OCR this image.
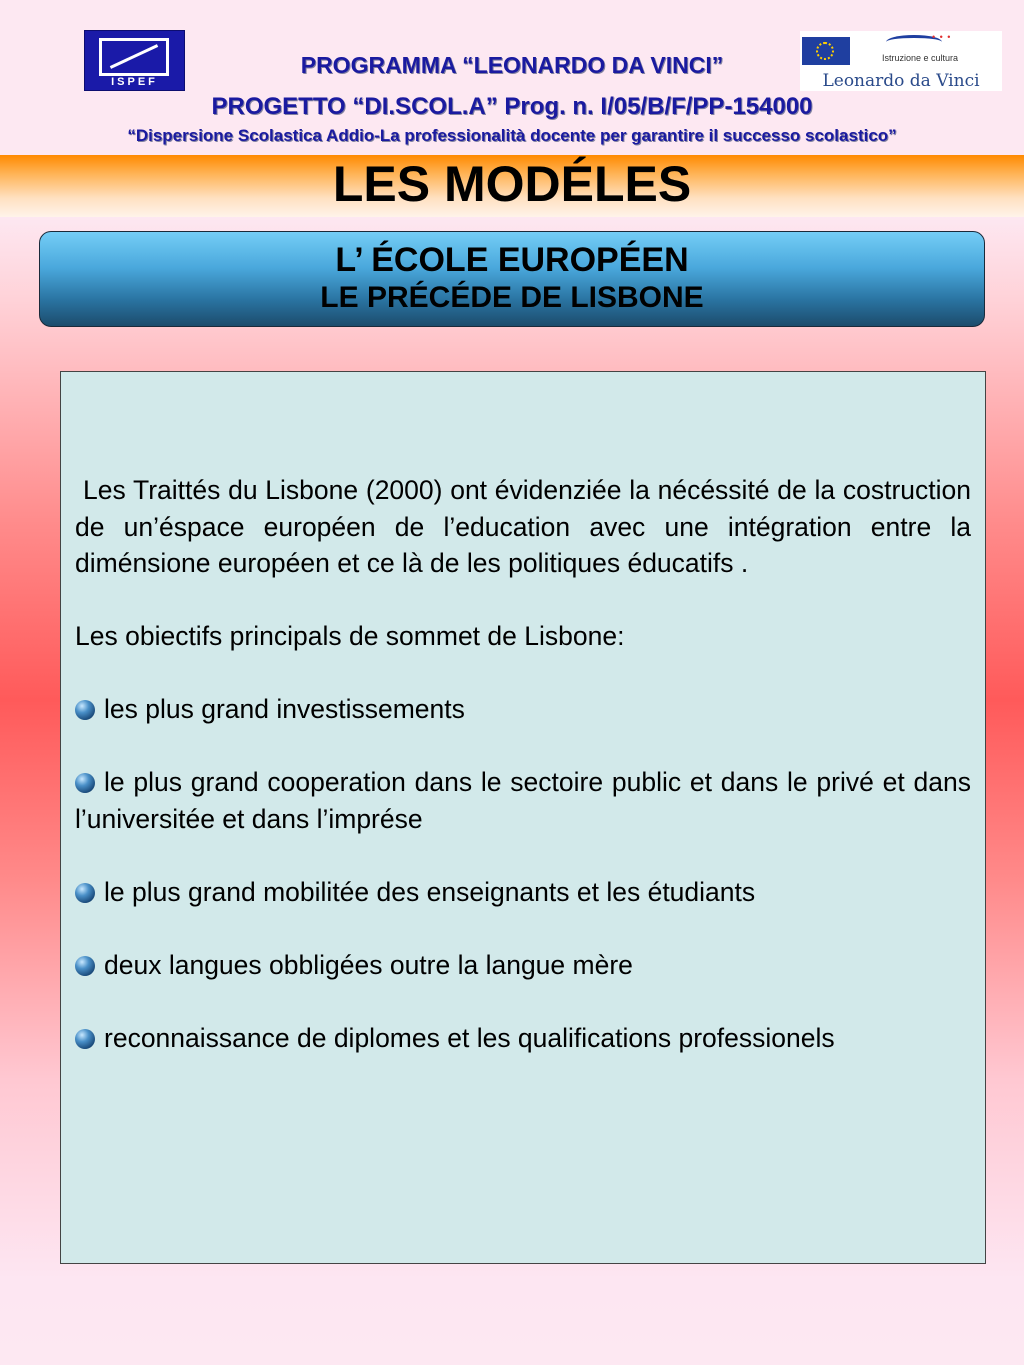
ISPEF
PROGRAMMA “LEONARDO DA VINCI”
PROGETTO “DI.SCOL.A” Prog. n. I/05/B/F/PP-154000
“Dispersione Scolastica Addio-La professionalità docente per garantire il successo scolastico”
• • •
Istruzione e cultura
Leonardo da Vinci
LES MODÉLES
L’ ÉCOLE EUROPÉEN
LE PRÉCÉDE DE LISBONE

Les Traittés du Lisbone (2000) ont évidenziée la nécéssité de la costruction de un’éspace européen de l’education avec une intégration entre la diménsione européen et ce là de les politiques éducatifs .

Les obiectifs principals de sommet de Lisbone:

les plus grand investissements

le plus grand cooperation dans le sectoire public et dans le privé et dans l’universitée et dans l’imprése

le plus grand mobilitée des enseignants et les étudiants

deux langues obbligées outre la langue mère

reconnaissance de diplomes et les qualifications professionels
